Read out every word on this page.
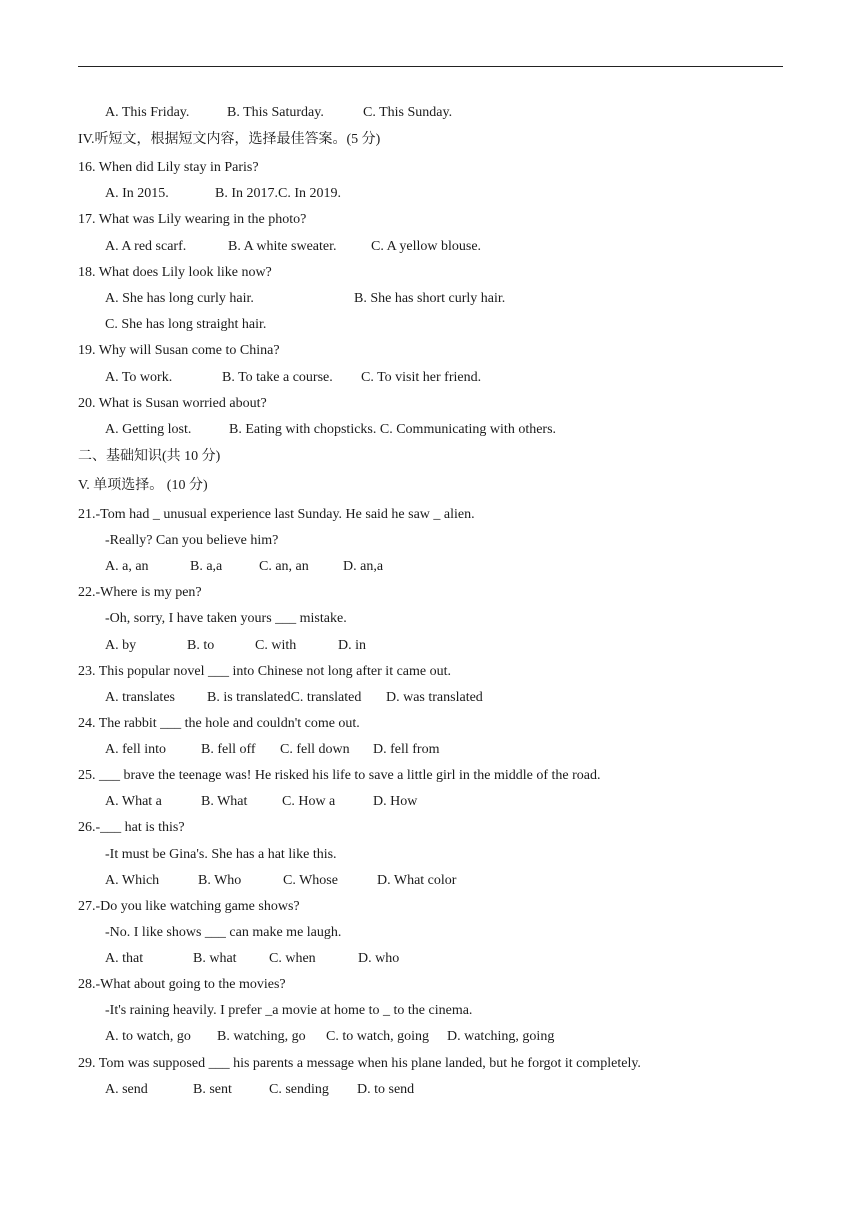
A. This Friday.	B. This Saturday.	C. This Sunday.
IV.听短文，根据短文内容，选择最佳答案。(5 分)
16. When did Lily stay in Paris?
A. In 2015.	B. In 2017.C. In 2019.
17. What was Lily wearing in the photo?
A. A red scarf.	B. A white sweater. C. A yellow blouse.
18. What does Lily look like now?
A. She has long curly hair.	B. She has short curly hair.
C. She has long straight hair.
19. Why will Susan come to China?
A. To work.	B. To take a course. C. To visit her friend.
20. What is Susan worried about?
A. Getting lost.	B. Eating with chopsticks. C. Communicating with others.
二、基础知识(共 10 分)
V. 单项选择。 (10 分)
21.-Tom had _ unusual experience last Sunday. He said he saw _ alien.
-Really? Can you believe him?
A. a, an	B. a,a	C. an, an D. an,a
22.-Where is my pen?
-Oh, sorry, I have taken yours ___ mistake.
A. by	B. to	C. with	D. in
23. This popular novel ___ into Chinese not long after it came out.
A. translates B. is translatedC. translated D. was translated
24. The rabbit ___ the hole and couldn't come out.
A. fell into B. fell off C. fell down D. fell from
25. ___ brave the teenage was! He risked his life to save a little girl in the middle of the road.
A. What a	B. What C. How a	D. How
26.-___ hat is this?
-It must be Gina's. She has a hat like this.
A. Which	B. Who	C. Whose	D. What color
27.-Do you like watching game shows?
-No. I like shows ___ can make me laugh.
A. that	B. what C. when	D. who
28.-What about going to the movies?
-It's raining heavily. I prefer _a movie at home to _ to the cinema.
A. to watch, go B. watching, go C. to watch, going D. watching, going
29. Tom was supposed ___ his parents a message when his plane landed, but he forgot it completely.
A. send	B. sent	C. sending D. to send
